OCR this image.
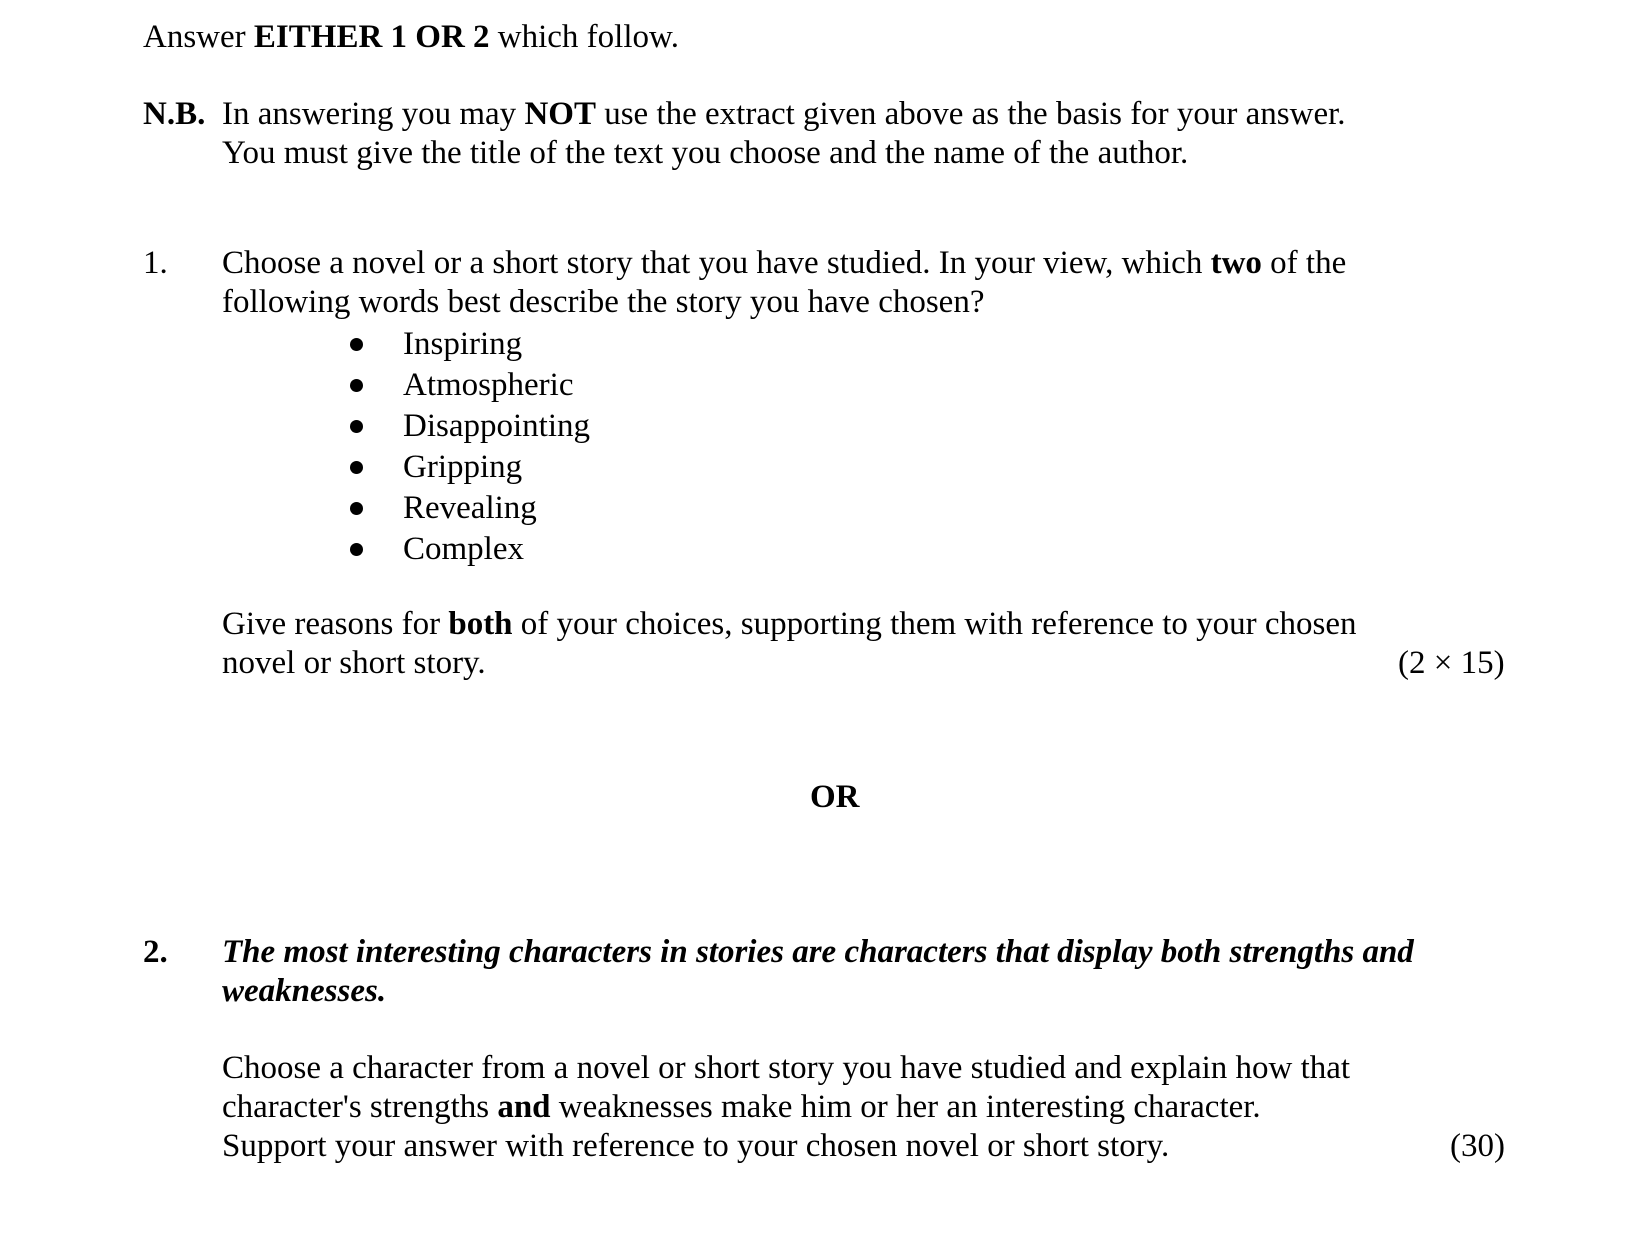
Answer EITHER 1 OR 2 which follow.
N.B. In answering you may NOT use the extract given above as the basis for your answer.
You must give the title of the text you choose and the name of the author.
1. Choose a novel or a short story that you have studied. In your view, which two of the
following words best describe the story you have chosen?
Inspiring
Atmospheric
Disappointing
Gripping
Revealing
Complex
Give reasons for both of your choices, supporting them with reference to your chosen
novel or short story.	(2 × 15)
OR
2. The most interesting characters in stories are characters that display both strengths and
weaknesses.
Choose a character from a novel or short story you have studied and explain how that
character's strengths and weaknesses make him or her an interesting character.
Support your answer with reference to your chosen novel or short story.	(30)
